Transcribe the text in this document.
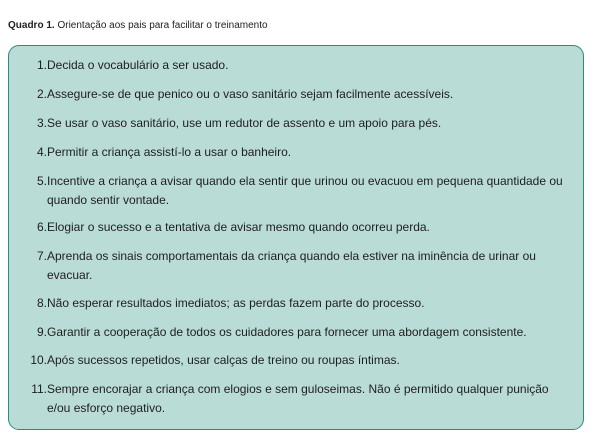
Quadro 1. Orientação aos pais para facilitar o treinamento
1. Decida o vocabulário a ser usado.
2. Assegure-se de que penico ou o vaso sanitário sejam facilmente acessíveis.
3. Se usar o vaso sanitário, use um redutor de assento e um apoio para pés.
4. Permitir a criança assistí-lo a usar o banheiro.
5. Incentive a criança a avisar quando ela sentir que urinou ou evacuou em pequena quantidade ou quando sentir vontade.
6. Elogiar o sucesso e a tentativa de avisar mesmo quando ocorreu perda.
7. Aprenda os sinais comportamentais da criança quando ela estiver na iminência de urinar ou evacuar.
8. Não esperar resultados imediatos; as perdas fazem parte do processo.
9. Garantir a cooperação de todos os cuidadores para fornecer uma abordagem consistente.
10. Após sucessos repetidos, usar calças de treino ou roupas íntimas.
11. Sempre encorajar a criança com elogios e sem guloseimas. Não é permitido qualquer punição e/ou esforço negativo.
